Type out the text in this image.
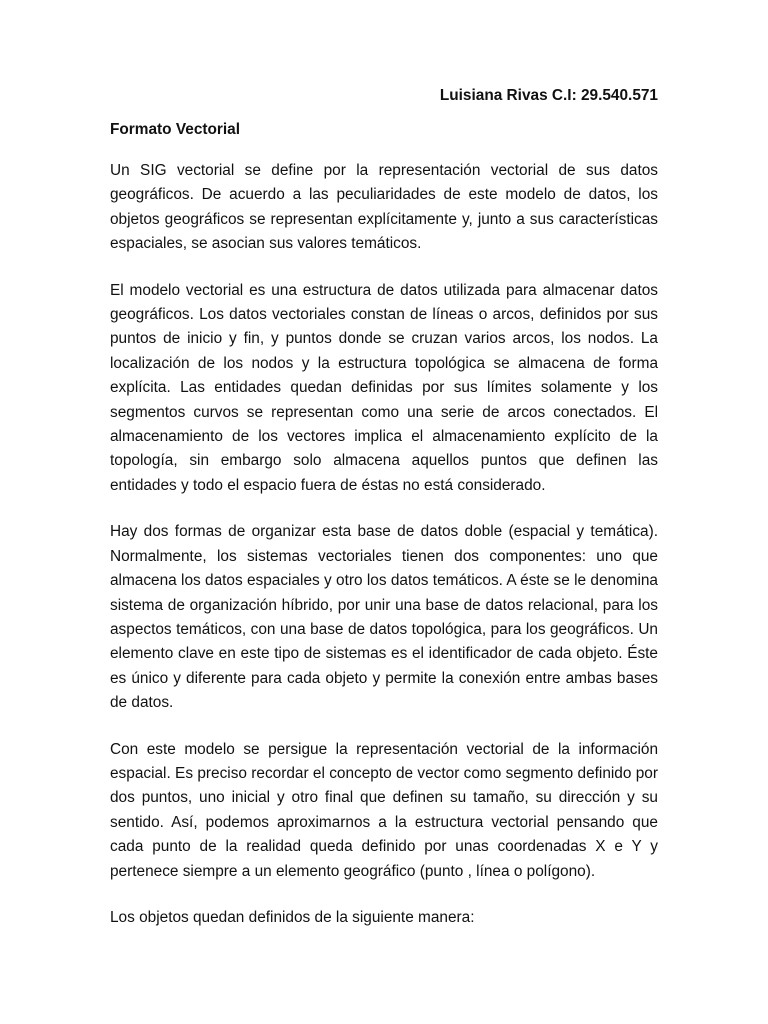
Luisiana Rivas C.I: 29.540.571
Formato Vectorial

Un SIG vectorial se define por la representación vectorial de sus datos geográficos. De acuerdo a las peculiaridades de este modelo de datos, los objetos geográficos se representan explícitamente y, junto a sus características espaciales, se asocian sus valores temáticos.

El modelo vectorial es una estructura de datos utilizada para almacenar datos geográficos. Los datos vectoriales constan de líneas o arcos, definidos por sus puntos de inicio y fin, y puntos donde se cruzan varios arcos, los nodos. La localización de los nodos y la estructura topológica se almacena de forma explícita. Las entidades quedan definidas por sus límites solamente y los segmentos curvos se representan como una serie de arcos conectados. El almacenamiento de los vectores implica el almacenamiento explícito de la topología, sin embargo solo almacena aquellos puntos que definen las entidades y todo el espacio fuera de éstas no está considerado.

Hay dos formas de organizar esta base de datos doble (espacial y temática). Normalmente, los sistemas vectoriales tienen dos componentes: uno que almacena los datos espaciales y otro los datos temáticos. A éste se le denomina sistema de organización híbrido, por unir una base de datos relacional, para los aspectos temáticos, con una base de datos topológica, para los geográficos. Un elemento clave en este tipo de sistemas es el identificador de cada objeto. Éste es único y diferente para cada objeto y permite la conexión entre ambas bases de datos.

Con este modelo se persigue la representación vectorial de la información espacial. Es preciso recordar el concepto de vector como segmento definido por dos puntos, uno inicial y otro final que definen su tamaño, su dirección y su sentido. Así, podemos aproximarnos a la estructura vectorial pensando que cada punto de la realidad queda definido por unas coordenadas X e Y y pertenece siempre a un elemento geográfico (punto , línea o polígono).

Los objetos quedan definidos de la siguiente manera:
